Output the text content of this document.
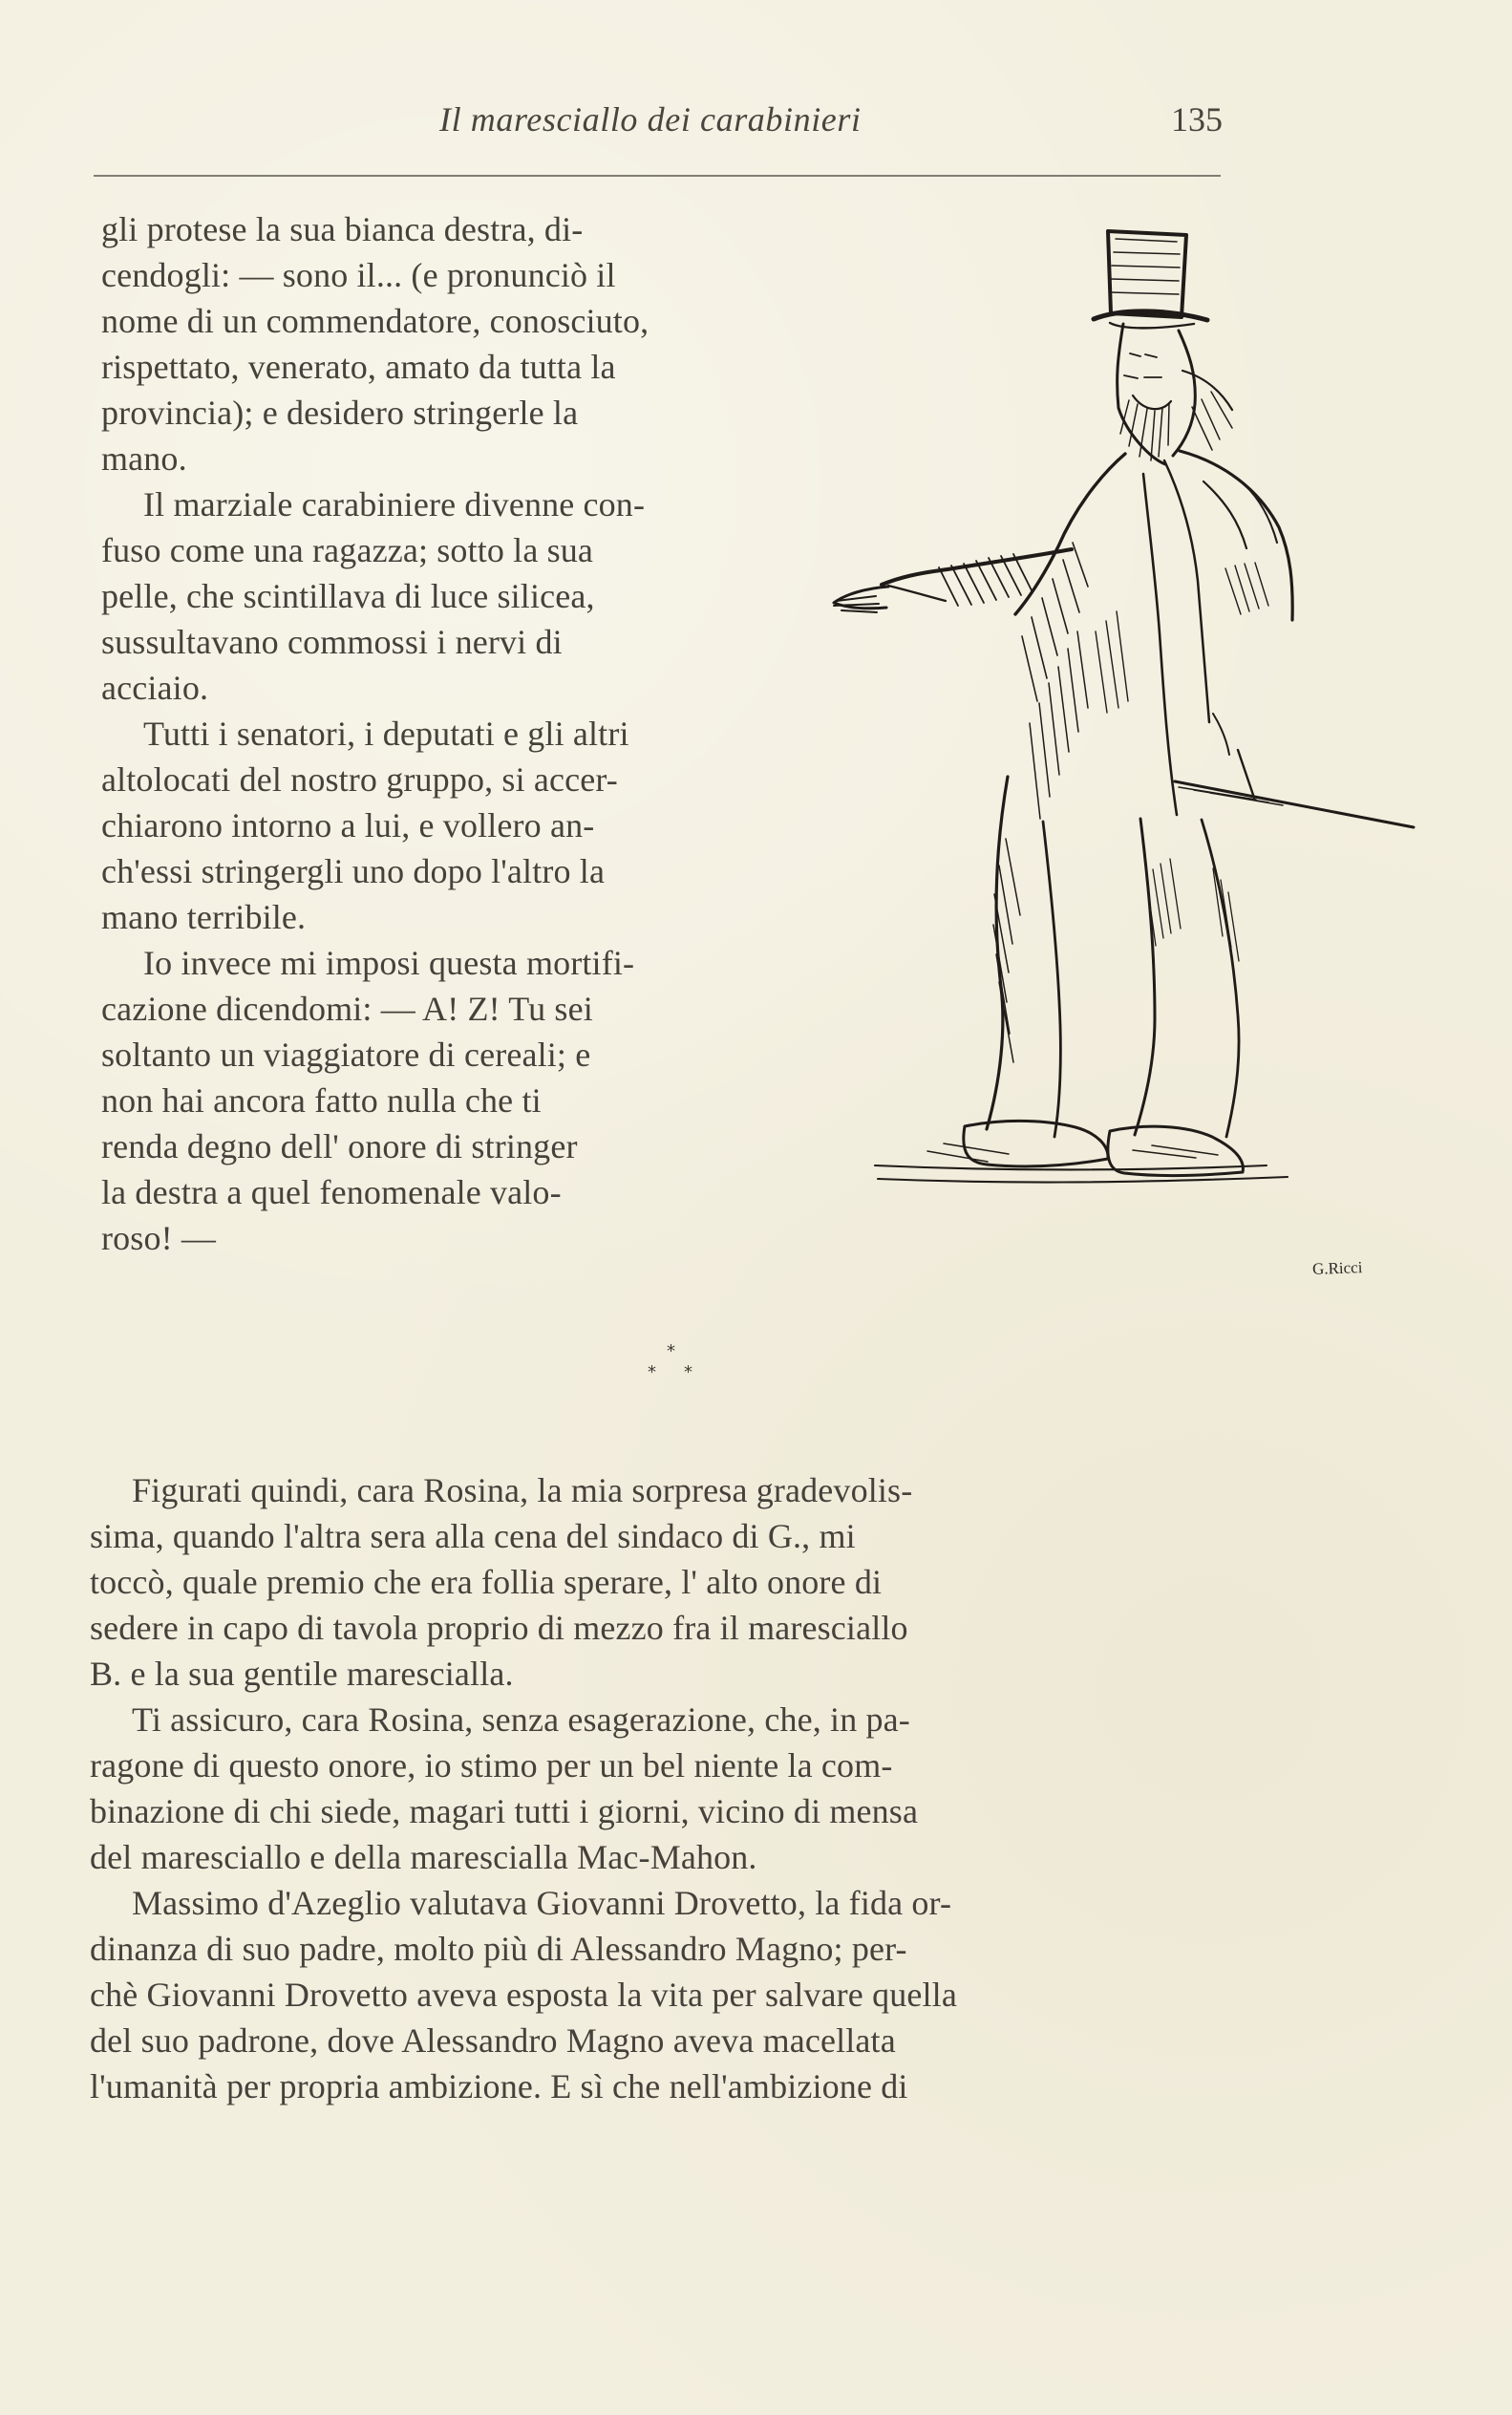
Il maresciallo dei carabinieri	135
gli protese la sua bianca destra, di-
cendogli: — sono il... (e pronunciò il
nome di un commendatore, conosciuto,
rispettato, venerato, amato da tutta la
provincia); e desidero stringerle la
mano.
Il marziale carabiniere divenne con-
fuso come una ragazza; sotto la sua
pelle, che scintillava di luce silicea,
sussultavano commossi i nervi di
acciaio.
Tutti i senatori, i deputati e gli altri
altolocati del nostro gruppo, si accer-
chiarono intorno a lui, e vollero an-
ch'essi stringergli uno dopo l'altro la
mano terribile.
Io invece mi imposi questa mortifi-
cazione dicendomi: — A! Z! Tu sei
soltanto un viaggiatore di cereali; e
non hai ancora fatto nulla che ti
renda degno dell' onore di stringer
la destra a quel fenomenale valo-
roso! —
G.Ricci
*
* *
Figurati quindi, cara Rosina, la mia sorpresa gradevolis-
sima, quando l'altra sera alla cena del sindaco di G., mi
toccò, quale premio che era follia sperare, l' alto onore di
sedere in capo di tavola proprio di mezzo fra il maresciallo
B. e la sua gentile marescialla.
Ti assicuro, cara Rosina, senza esagerazione, che, in pa-
ragone di questo onore, io stimo per un bel niente la com-
binazione di chi siede, magari tutti i giorni, vicino di mensa
del maresciallo e della marescialla Mac-Mahon.
Massimo d'Azeglio valutava Giovanni Drovetto, la fida or-
dinanza di suo padre, molto più di Alessandro Magno; per-
chè Giovanni Drovetto aveva esposta la vita per salvare quella
del suo padrone, dove Alessandro Magno aveva macellata
l'umanità per propria ambizione. E sì che nell'ambizione di
